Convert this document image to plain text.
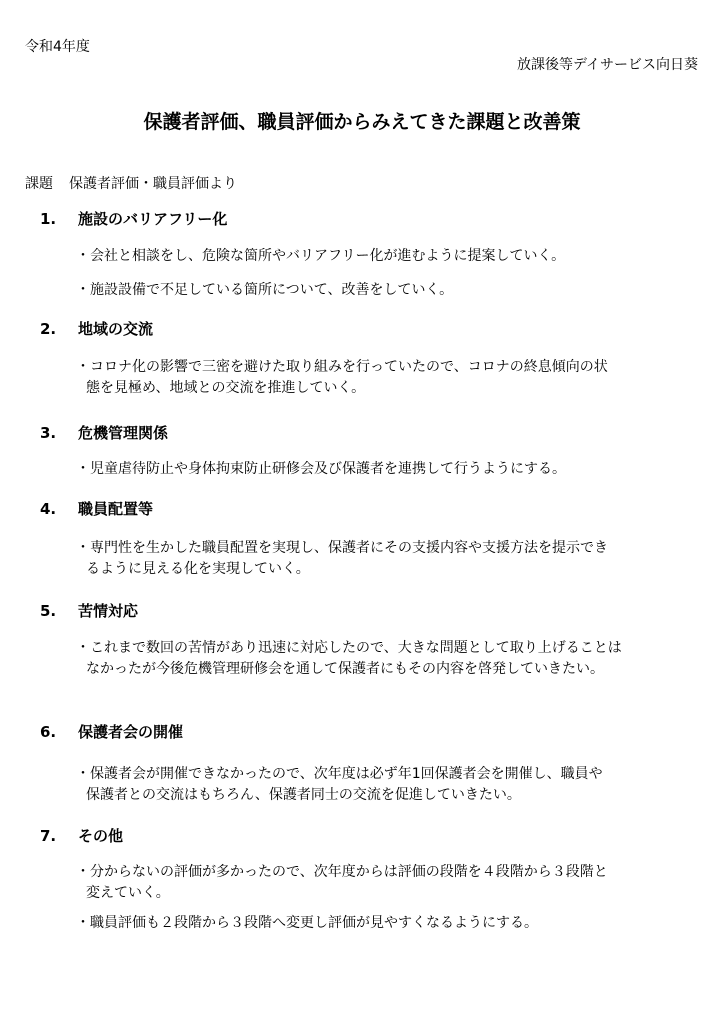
令和4年度
放課後等デイサービス向日葵
保護者評価、職員評価からみえてきた課題と改善策
課題 保護者評価・職員評価より
1. 施設のバリアフリー化
・会社と相談をし、危険な箇所やバリアフリー化が進むように提案していく。
・施設設備で不足している箇所について、改善をしていく。
2. 地域の交流
・コロナ化の影響で三密を避けた取り組みを行っていたので、コロナの終息傾向の状
態を見極め、地域との交流を推進していく。
3. 危機管理関係
・児童虐待防止や身体拘束防止研修会及び保護者を連携して行うようにする。
4. 職員配置等
・専門性を生かした職員配置を実現し、保護者にその支援内容や支援方法を提示でき
るように見える化を実現していく。
5. 苦情対応
・これまで数回の苦情があり迅速に対応したので、大きな問題として取り上げることは
なかったが今後危機管理研修会を通して保護者にもその内容を啓発していきたい。
6. 保護者会の開催
・保護者会が開催できなかったので、次年度は必ず年1回保護者会を開催し、職員や
保護者との交流はもちろん、保護者同士の交流を促進していきたい。
7. その他
・分からないの評価が多かったので、次年度からは評価の段階を４段階から３段階と
変えていく。
・職員評価も２段階から３段階へ変更し評価が見やすくなるようにする。
